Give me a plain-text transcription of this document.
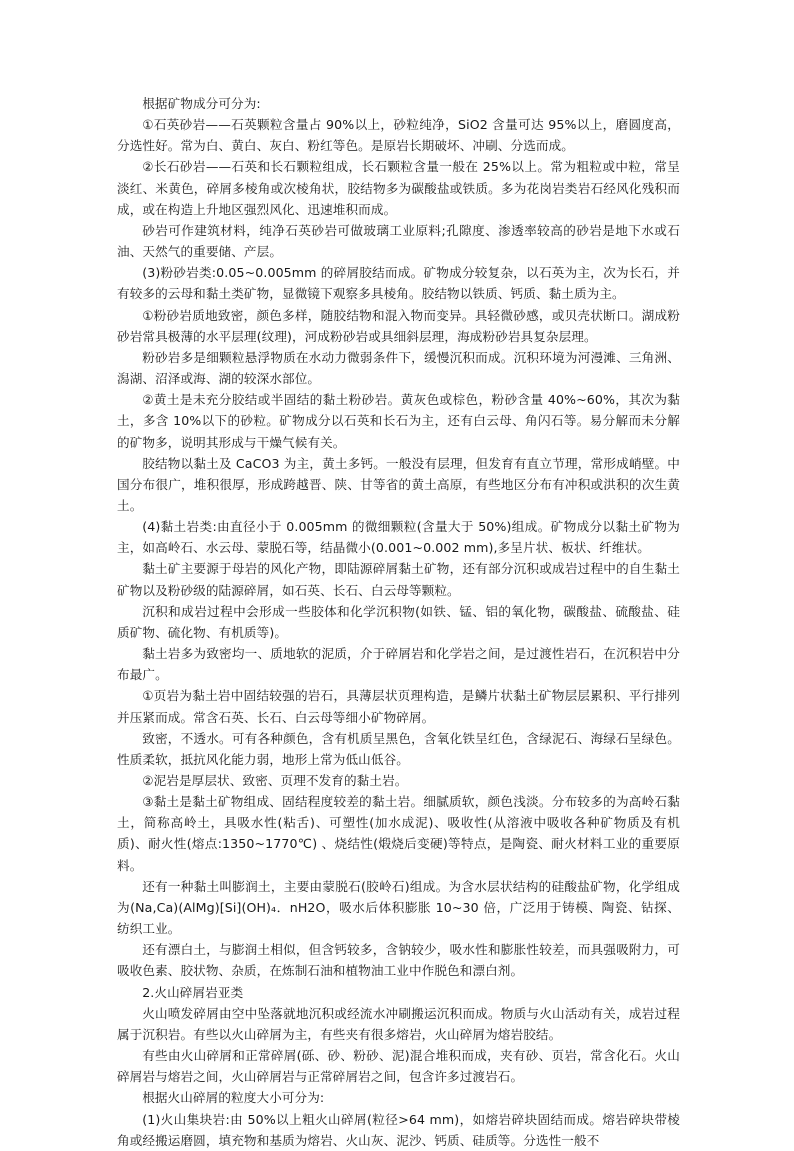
根据矿物成分可分为:

①石英砂岩——石英颗粒含量占 90%以上，砂粒纯净，SiO2 含量可达 95%以上，磨圆度高，分选性好。常为白、黄白、灰白、粉红等色。是原岩长期破坏、冲刷、分选而成。

②长石砂岩——石英和长石颗粒组成，长石颗粒含量一般在 25%以上。常为粗粒或中粒，常呈淡红、米黄色，碎屑多棱角或次棱角状，胶结物多为碳酸盐或铁质。多为花岗岩类岩石经风化残积而成，或在构造上升地区强烈风化、迅速堆积而成。

砂岩可作建筑材料，纯净石英砂岩可做玻璃工业原料;孔隙度、渗透率较高的砂岩是地下水或石油、天然气的重要储、产层。

(3)粉砂岩类:0.05~0.005mm 的碎屑胶结而成。矿物成分较复杂，以石英为主，次为长石，并有较多的云母和黏土类矿物，显微镜下观察多具棱角。胶结物以铁质、钙质、黏土质为主。

①粉砂岩质地致密，颜色多样，随胶结物和混入物而变异。具轻微砂感，或贝壳状断口。湖成粉砂岩常具极薄的水平层理(纹理)，河成粉砂岩或具细斜层理，海成粉砂岩具复杂层理。

粉砂岩多是细颗粒悬浮物质在水动力微弱条件下，缓慢沉积而成。沉积环境为河漫滩、三角洲、潟湖、沼泽或海、湖的较深水部位。

②黄土是未充分胶结或半固结的黏土粉砂岩。黄灰色或棕色，粉砂含量 40%~60%，其次为黏土，多含 10%以下的砂粒。矿物成分以石英和长石为主，还有白云母、角闪石等。易分解而未分解的矿物多，说明其形成与干燥气候有关。

胶结物以黏土及 CaCO3 为主，黄土多钙。一般没有层理，但发育有直立节理，常形成峭壁。中国分布很广，堆积很厚，形成跨越晋、陕、甘等省的黄土高原，有些地区分布有冲积或洪积的次生黄土。

(4)黏土岩类:由直径小于 0.005mm 的微细颗粒(含量大于 50%)组成。矿物成分以黏土矿物为主，如高岭石、水云母、蒙脱石等，结晶微小(0.001~0.002 mm),多呈片状、板状、纤维状。

黏土矿主要源于母岩的风化产物，即陆源碎屑黏土矿物，还有部分沉积或成岩过程中的自生黏土矿物以及粉砂级的陆源碎屑，如石英、长石、白云母等颗粒。

沉积和成岩过程中会形成一些胶体和化学沉积物(如铁、锰、铝的氧化物，碳酸盐、硫酸盐、硅质矿物、硫化物、有机质等)。

黏土岩多为致密均一、质地软的泥质，介于碎屑岩和化学岩之间，是过渡性岩石，在沉积岩中分布最广。

①页岩为黏土岩中固结较强的岩石，具薄层状页理构造，是鳞片状黏土矿物层层累积、平行排列并压紧而成。常含石英、长石、白云母等细小矿物碎屑。

致密，不透水。可有各种颜色，含有机质呈黑色，含氧化铁呈红色，含绿泥石、海绿石呈绿色。性质柔软，抵抗风化能力弱，地形上常为低山低谷。

②泥岩是厚层状、致密、页理不发育的黏土岩。

③黏土是黏土矿物组成、固结程度较差的黏土岩。细腻质软，颜色浅淡。分布较多的为高岭石黏土，简称高岭土，具吸水性(粘舌)、可塑性(加水成泥)、吸收性(从溶液中吸收各种矿物质及有机质)、耐火性(熔点:1350~1770℃) 、烧结性(煅烧后变硬)等特点，是陶瓷、耐火材料工业的重要原料。

还有一种黏土叫膨润土，主要由蒙脱石(胶岭石)组成。为含水层状结构的硅酸盐矿物，化学组成为(Na,Ca)(AlMg)[Si](OH)₄．nH2O，吸水后体积膨胀 10~30 倍，广泛用于铸模、陶瓷、钻探、纺织工业。

还有漂白土，与膨润土相似，但含钙较多，含钠较少，吸水性和膨胀性较差，而具强吸附力，可吸收色素、胶状物、杂质，在炼制石油和植物油工业中作脱色和漂白剂。

2.火山碎屑岩亚类

火山喷发碎屑由空中坠落就地沉积或经流水冲刷搬运沉积而成。物质与火山活动有关，成岩过程属于沉积岩。有些以火山碎屑为主，有些夹有很多熔岩，火山碎屑为熔岩胶结。

有些由火山碎屑和正常碎屑(砾、砂、粉砂、泥)混合堆积而成，夹有砂、页岩，常含化石。火山碎屑岩与熔岩之间，火山碎屑岩与正常碎屑岩之间，包含许多过渡岩石。

根据火山碎屑的粒度大小可分为:

(1)火山集块岩:由 50%以上粗火山碎屑(粒径>64 mm)，如熔岩碎块固结而成。熔岩碎块带棱角或经搬运磨圆，填充物和基质为熔岩、火山灰、泥沙、钙质、硅质等。分选性一般不
